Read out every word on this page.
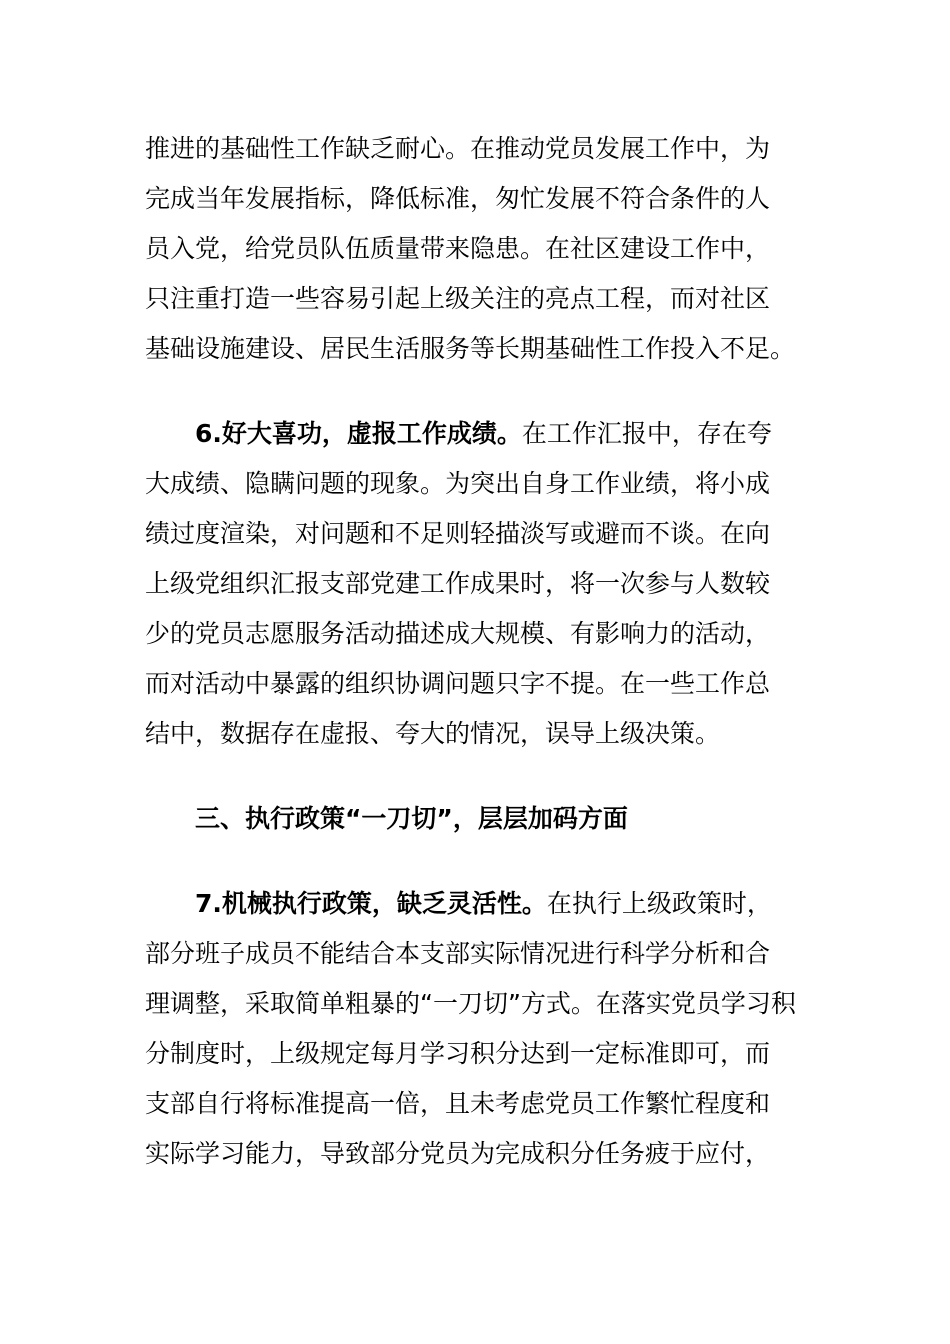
推进的基础性工作缺乏耐心。在推动党员发展工作中，为

完成当年发展指标，降低标准，匆忙发展不符合条件的人

员入党，给党员队伍质量带来隐患。在社区建设工作中，

只注重打造一些容易引起上级关注的亮点工程，而对社区

基础设施建设、居民生活服务等长期基础性工作投入不足。

6.好大喜功，虚报工作成绩。在工作汇报中，存在夸

大成绩、隐瞒问题的现象。为突出自身工作业绩，将小成

绩过度渲染，对问题和不足则轻描淡写或避而不谈。在向

上级党组织汇报支部党建工作成果时，将一次参与人数较

少的党员志愿服务活动描述成大规模、有影响力的活动，

而对活动中暴露的组织协调问题只字不提。在一些工作总

结中，数据存在虚报、夸大的情况，误导上级决策。

三、执行政策“一刀切”，层层加码方面

7.机械执行政策，缺乏灵活性。在执行上级政策时，

部分班子成员不能结合本支部实际情况进行科学分析和合

理调整，采取简单粗暴的“一刀切”方式。在落实党员学习积

分制度时，上级规定每月学习积分达到一定标准即可，而

支部自行将标准提高一倍，且未考虑党员工作繁忙程度和

实际学习能力，导致部分党员为完成积分任务疲于应付，
